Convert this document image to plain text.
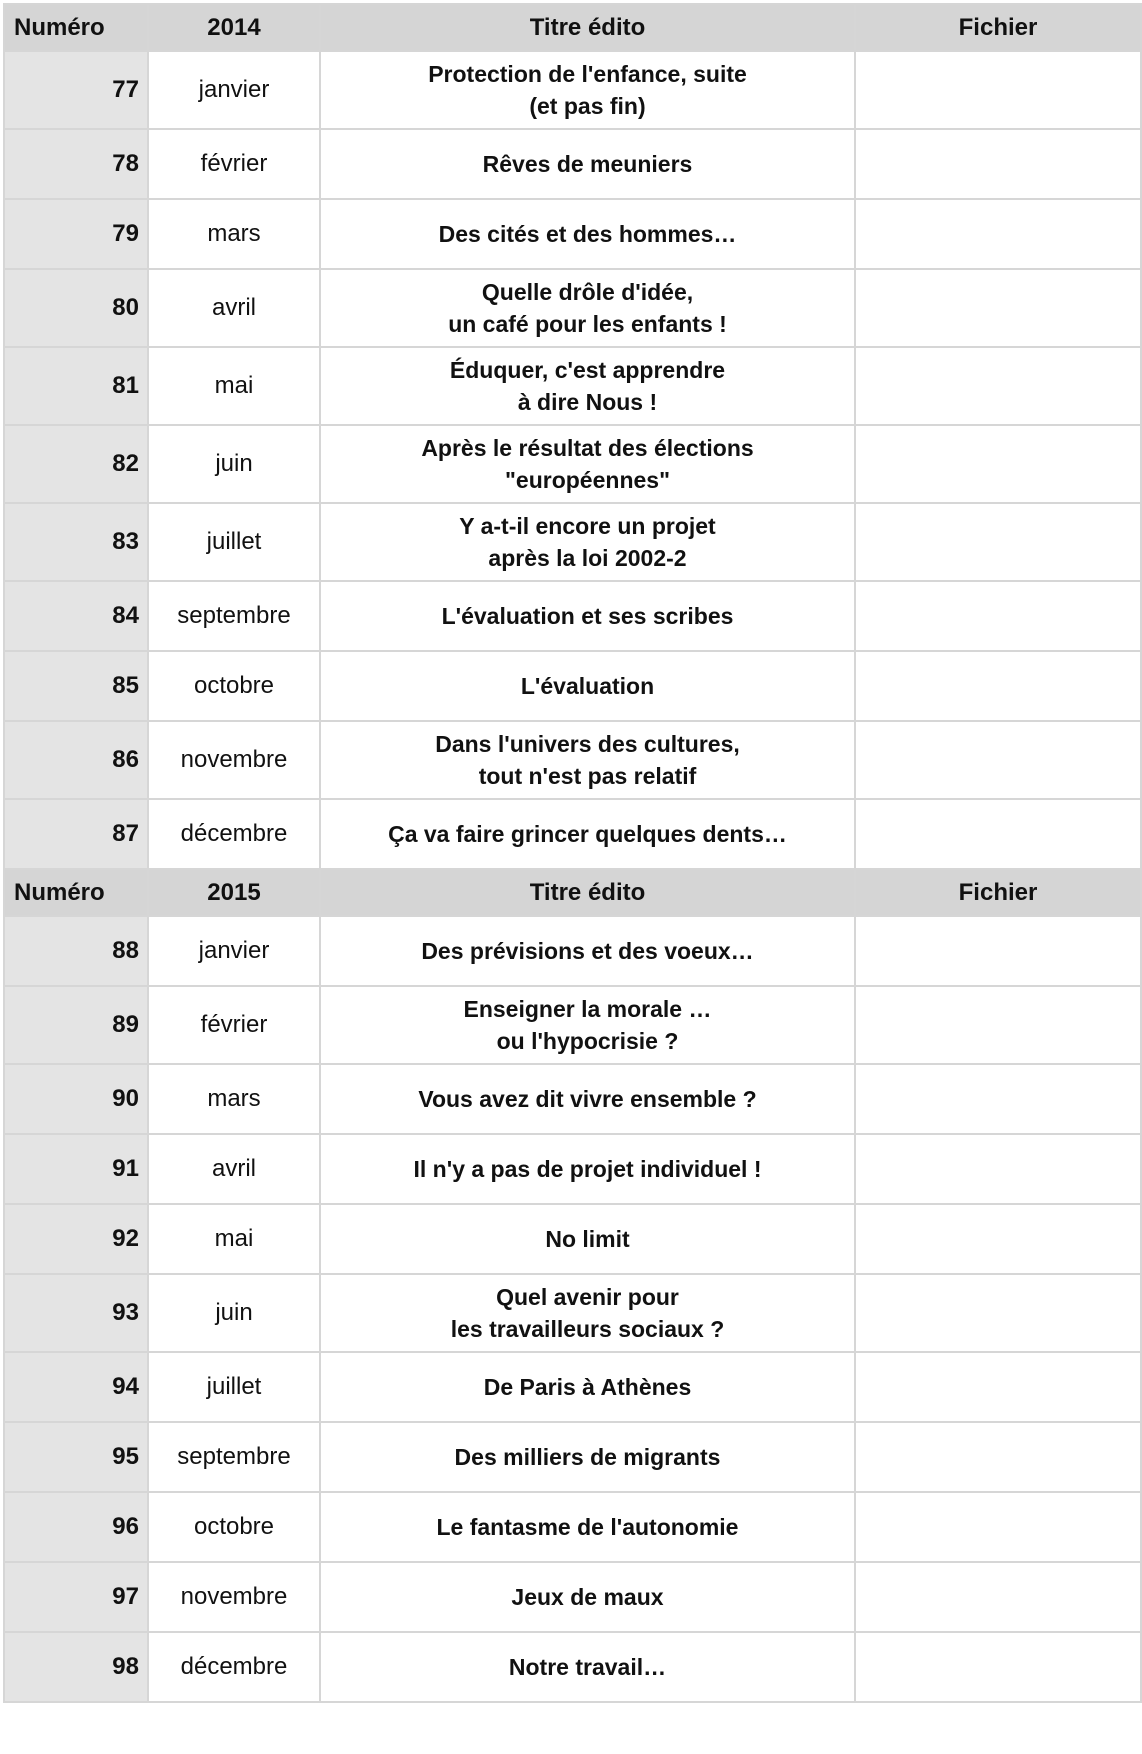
Numéro	2014	Titre édito	Fichier
77	janvier	Protection de l'enfance, suite
(et pas fin)	

78	février	Rêves de meuniers	

79	mars	Des cités et des hommes…	

80	avril	Quelle drôle d'idée,
un café pour les enfants !	

81	mai	Éduquer, c'est apprendre
à dire Nous !	

82	juin	Après le résultat des élections
"européennes"	

83	juillet	Y a-t-il encore un projet
après la loi 2002-2	

84	septembre	L'évaluation et ses scribes	

85	octobre	L'évaluation	

86	novembre	Dans l'univers des cultures,
tout n'est pas relatif	

87	décembre	Ça va faire grincer quelques dents…	

Numéro	2015	Titre édito	Fichier
88	janvier	Des prévisions et des voeux…	

89	février	Enseigner la morale …
ou l'hypocrisie ?	

90	mars	Vous avez dit vivre ensemble ?	

91	avril	Il n'y a pas de projet individuel !	

92	mai	No limit	

93	juin	Quel avenir pour
les travailleurs sociaux ?	

94	juillet	De Paris à Athènes	

95	septembre	Des milliers de migrants	

96	octobre	Le fantasme de l'autonomie	

97	novembre	Jeux de maux	

98	décembre	Notre travail…	
